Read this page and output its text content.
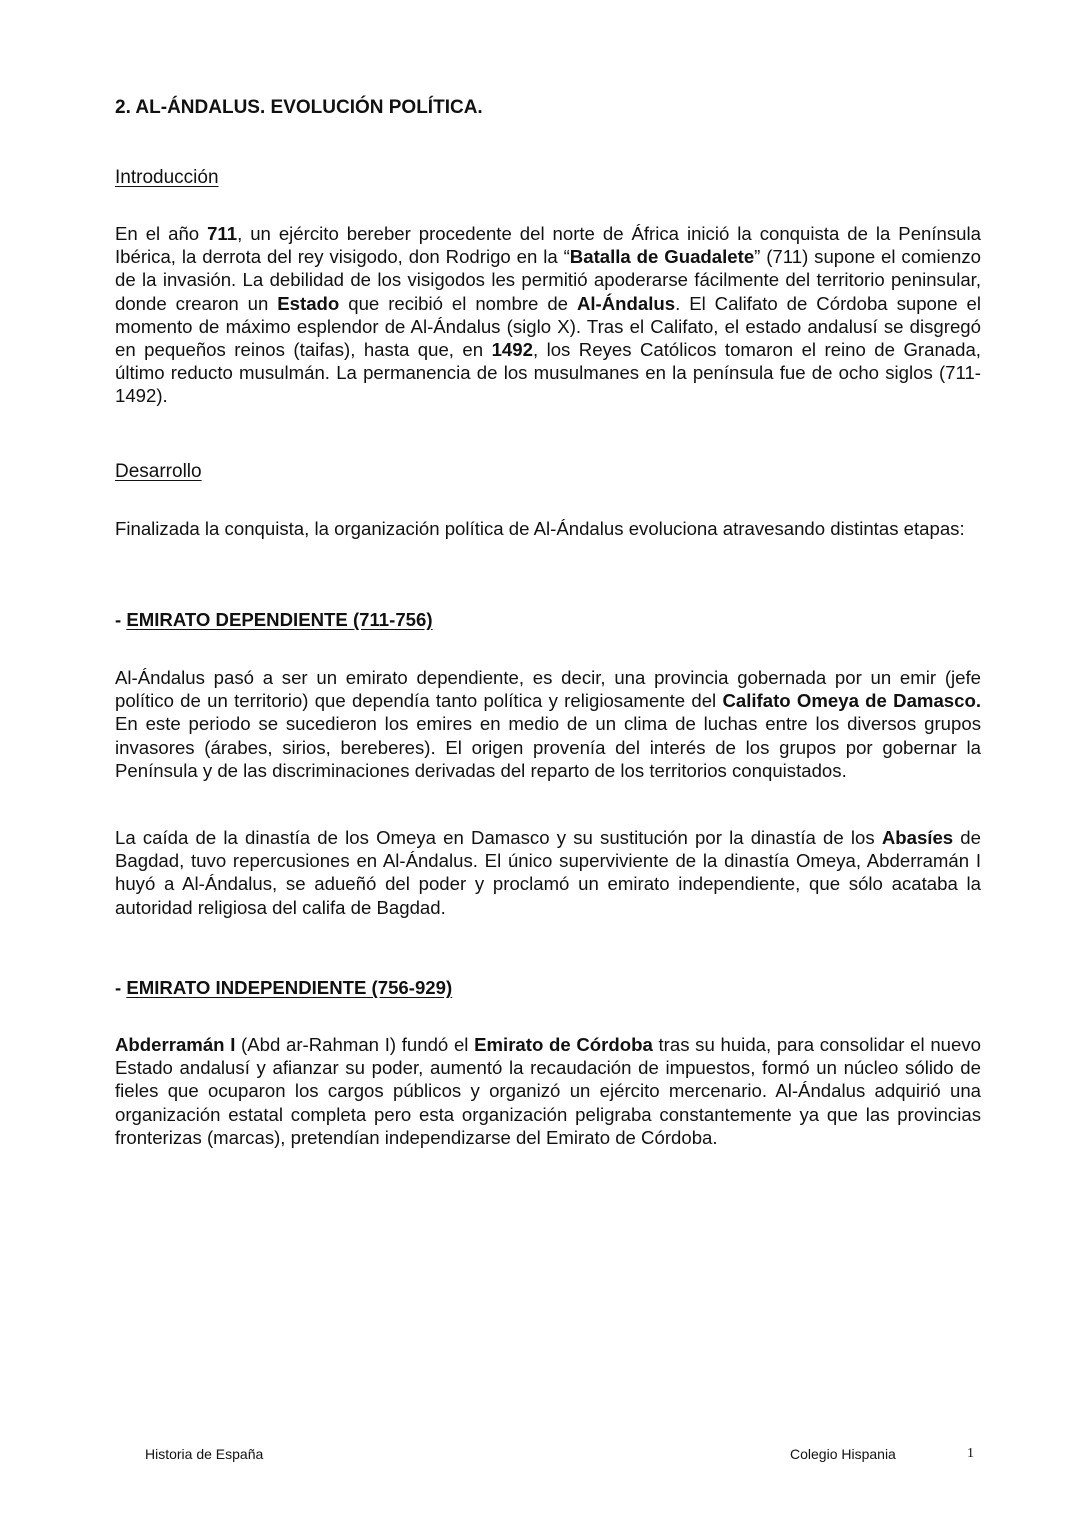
2. AL-ÁNDALUS. EVOLUCIÓN POLÍTICA.
Introducción

En el año 711, un ejército bereber procedente del norte de África inició la conquista de la Península Ibérica, la derrota del rey visigodo, don Rodrigo en la “Batalla de Guadalete” (711) supone el comienzo de la invasión. La debilidad de los visigodos les permitió apoderarse fácilmente del territorio peninsular, donde crearon un Estado que recibió el nombre de Al-Ándalus. El Califato de Córdoba supone el momento de máximo esplendor de Al-Ándalus (siglo X). Tras el Califato, el estado andalusí se disgregó en pequeños reinos (taifas), hasta que, en 1492, los Reyes Católicos tomaron el reino de Granada, último reducto musulmán. La permanencia de los musulmanes en la península fue de ocho siglos (711-1492).

Desarrollo

Finalizada la conquista, la organización política de Al-Ándalus evoluciona atravesando distintas etapas:

- EMIRATO DEPENDIENTE (711-756)

Al-Ándalus pasó a ser un emirato dependiente, es decir, una provincia gobernada por un emir (jefe político de un territorio) que dependía tanto política y religiosamente del Califato Omeya de Damasco. En este periodo se sucedieron los emires en medio de un clima de luchas entre los diversos grupos invasores (árabes, sirios, bereberes). El origen provenía del interés de los grupos por gobernar la Península y de las discriminaciones derivadas del reparto de los territorios conquistados.

La caída de la dinastía de los Omeya en Damasco y su sustitución por la dinastía de los Abasíes de Bagdad, tuvo repercusiones en Al-Ándalus. El único superviviente de la dinastía Omeya, Abderramán I huyó a Al-Ándalus, se adueñó del poder y proclamó un emirato independiente, que sólo acataba la autoridad religiosa del califa de Bagdad.

- EMIRATO INDEPENDIENTE (756-929)

Abderramán I (Abd ar-Rahman I) fundó el Emirato de Córdoba tras su huida, para consolidar el nuevo Estado andalusí y afianzar su poder, aumentó la recaudación de impuestos, formó un núcleo sólido de fieles que ocuparon los cargos públicos y organizó un ejército mercenario. Al-Ándalus adquirió una organización estatal completa pero esta organización peligraba constantemente ya que las provincias fronterizas (marcas), pretendían independizarse del Emirato de Córdoba.

Historia de España	Colegio Hispania	1
